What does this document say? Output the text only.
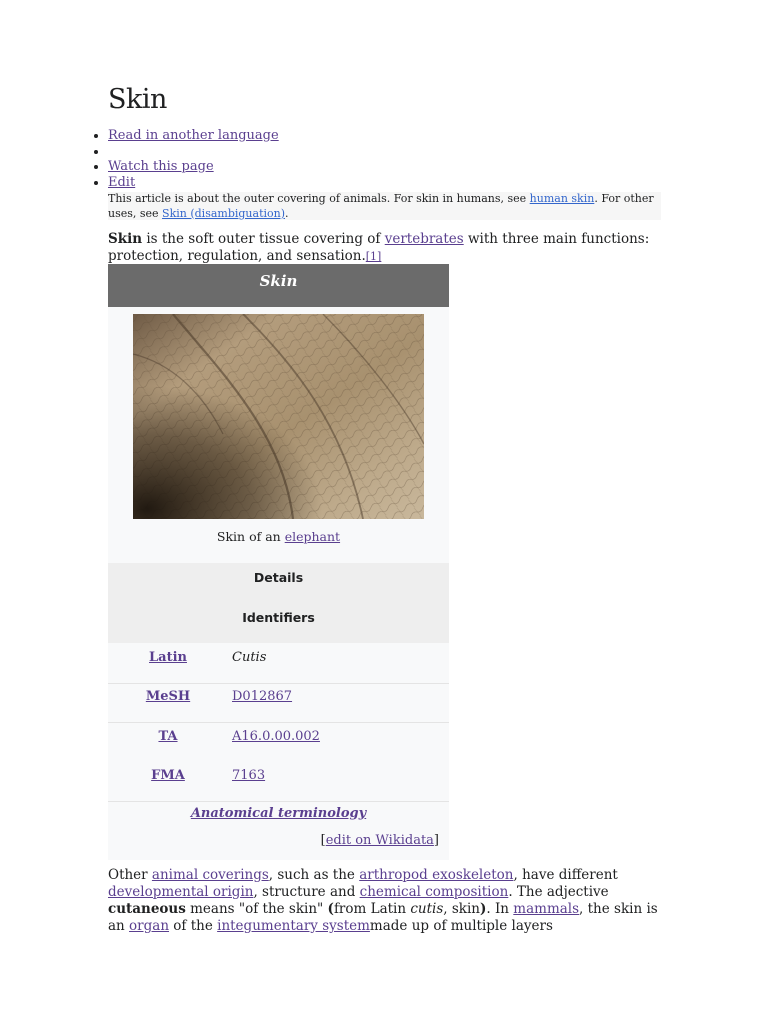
Skin
• Read in another language
•
• Watch this page
• Edit
This article is about the outer covering of animals. For skin in humans, see human skin. For other uses, see Skin (disambiguation).
Skin is the soft outer tissue covering of vertebrates with three main functions: protection, regulation, and sensation.[1]
Skin
Skin of an elephant
Details
Identifiers
Latin	Cutis
MeSH	D012867
TA	A16.0.00.002
FMA	7163
Anatomical terminology
[edit on Wikidata]
Other animal coverings, such as the arthropod exoskeleton, have different developmental origin, structure and chemical composition. The adjective cutaneous means "of the skin" (from Latin cutis, skin). In mammals, the skin is an organ of the integumentary systemmade up of multiple layers
